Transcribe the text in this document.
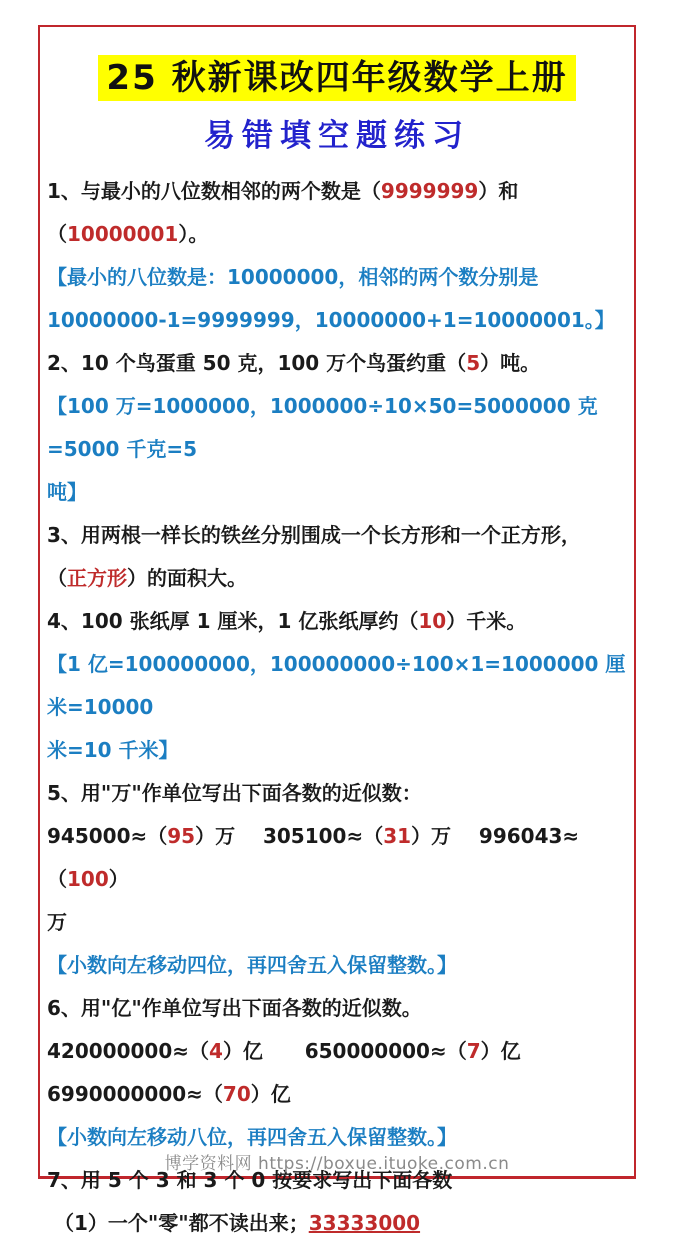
25 秋新课改四年级数学上册
易错填空题练习
1、与最小的八位数相邻的两个数是（9999999）和
（10000001）。
【最小的八位数是：10000000，相邻的两个数分别是
10000000-1=9999999，10000000+1=10000001。】
2、10 个鸟蛋重 50 克，100 万个鸟蛋约重（5）吨。
【100 万=1000000，1000000÷10×50=5000000 克=5000 千克=5
吨】
3、用两根一样长的铁丝分别围成一个长方形和一个正方形，
（正方形）的面积大。
4、100 张纸厚 1 厘米，1 亿张纸厚约（10）千米。
【1 亿=100000000，100000000÷100×1=1000000 厘米=10000
米=10 千米】
5、用"万"作单位写出下面各数的近似数：
945000≈（95）万    305100≈（31）万    996043≈（100）
万
【小数向左移动四位，再四舍五入保留整数。】
6、用"亿"作单位写出下面各数的近似数。
420000000≈（4）亿      650000000≈（7）亿
6990000000≈（70）亿
【小数向左移动八位，再四舍五入保留整数。】
7、用 5 个 3 和 3 个 0 按要求写出下面各数
（1）一个"零"都不读出来；33333000
博学资料网 https://boxue.ituoke.com.cn
